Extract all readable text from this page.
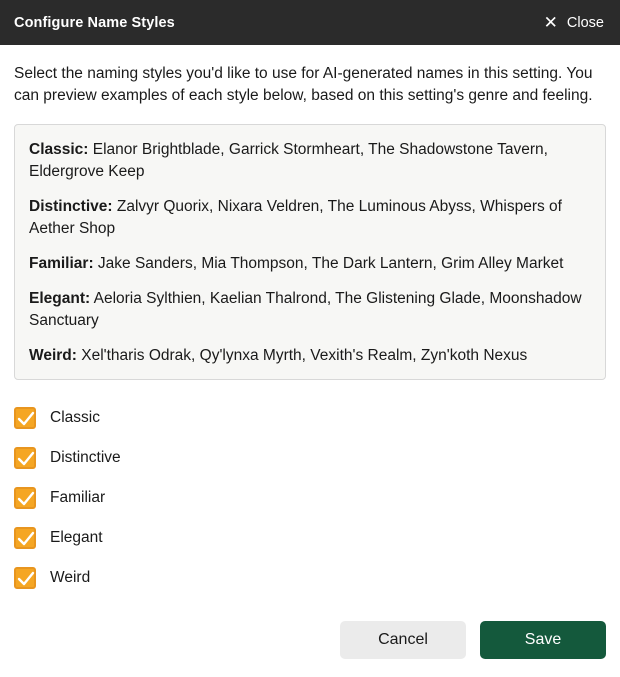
Configure Name Styles	✕ Close

Select the naming styles you'd like to use for AI-generated names in this setting. You can preview examples of each style below, based on this setting's genre and feeling.

Classic: Elanor Brightblade, Garrick Stormheart, The Shadowstone Tavern, Eldergrove Keep
Distinctive: Zalvyr Quorix, Nixara Veldren, The Luminous Abyss, Whispers of Aether Shop
Familiar: Jake Sanders, Mia Thompson, The Dark Lantern, Grim Alley Market
Elegant: Aeloria Sylthien, Kaelian Thalrond, The Glistening Glade, Moonshadow Sanctuary
Weird: Xel'tharis Odrak, Qy'lynxa Myrth, Vexith's Realm, Zyn'koth Nexus
Classic
Distinctive
Familiar
Elegant
Weird
Cancel	Save
